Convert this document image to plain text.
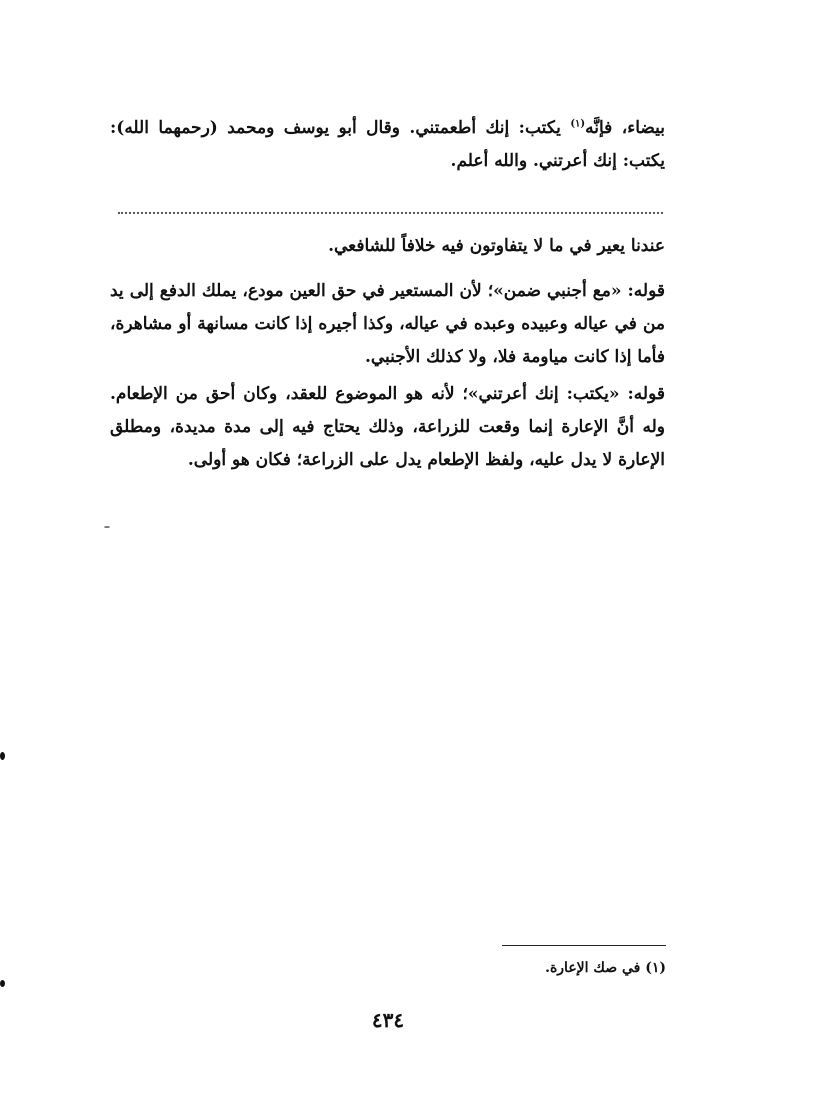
بيضاء، فإنَّه$^{(١)}$ يكتب: إنك أطعمتني. وقال أبو يوسف ومحمد (رحمهما الله): يكتب: إنك أعرتني. والله أعلم.

عندنا يعير في ما لا يتفاوتون فيه خلافاً للشافعي.

قوله: «مع أجنبي ضمن»؛ لأن المستعير في حق العين مودع، يملك الدفع إلى يد من في عياله وعبيده وعبده في عياله، وكذا أجيره إذا كانت مسانهة أو مشاهرة، فأما إذا كانت مياومة فلا، ولا كذلك الأجنبي.

قوله: «يكتب: إنك أعرتني»؛ لأنه هو الموضوع للعقد، وكان أحق من الإطعام. وله أنَّ الإعارة إنما وقعت للزراعة، وذلك يحتاج فيه إلى مدة مديدة، ومطلق الإعارة لا يدل عليه، ولفظ الإطعام يدل على الزراعة؛ فكان هو أولى.

(١) في صك الإعارة.
٤٣٤
